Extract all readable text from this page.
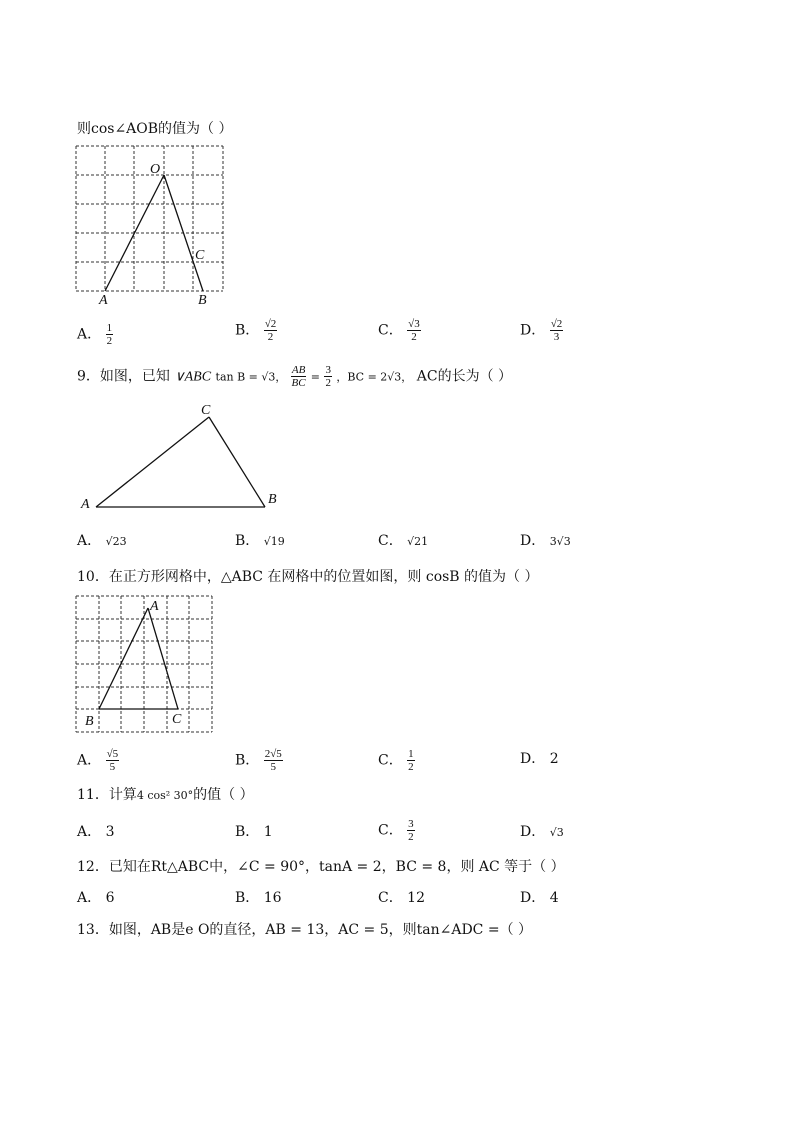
则cos∠AOB的值为（ ）
O
A	B
C
A． $\frac{1}{2}$	B． $\frac{√2}{2}$	C． $\frac{√3}{2}$	D． $\frac{√2}{3}$
9．如图，已知 ∨ABC tan B = √3， $\frac{AB}{BC} = \frac{3}{2}$ ，BC = 2√3， AC的长为（ ）
A	B
C
A． √23	B． √19	C． √21	D． 3√3
10．在正方形网格中，△ABC 在网格中的位置如图，则 cosB 的值为（ ）
A
B	C
A． $\frac{√5}{5}$	B． $\frac{2√5}{5}$	C． $\frac{1}{2}$	D． 2
11．计算4 cos² 30°的值（ ）
A． 3	B． 1	C． $\frac{3}{2}$	D． √3
12．已知在Rt△ABC中，∠C = 90°，tanA = 2，BC = 8，则 AC 等于（ ）
A． 6	B． 16	C． 12	D． 4
13．如图，AB是e O的直径，AB = 13，AC = 5，则tan∠ADC =（ ）
